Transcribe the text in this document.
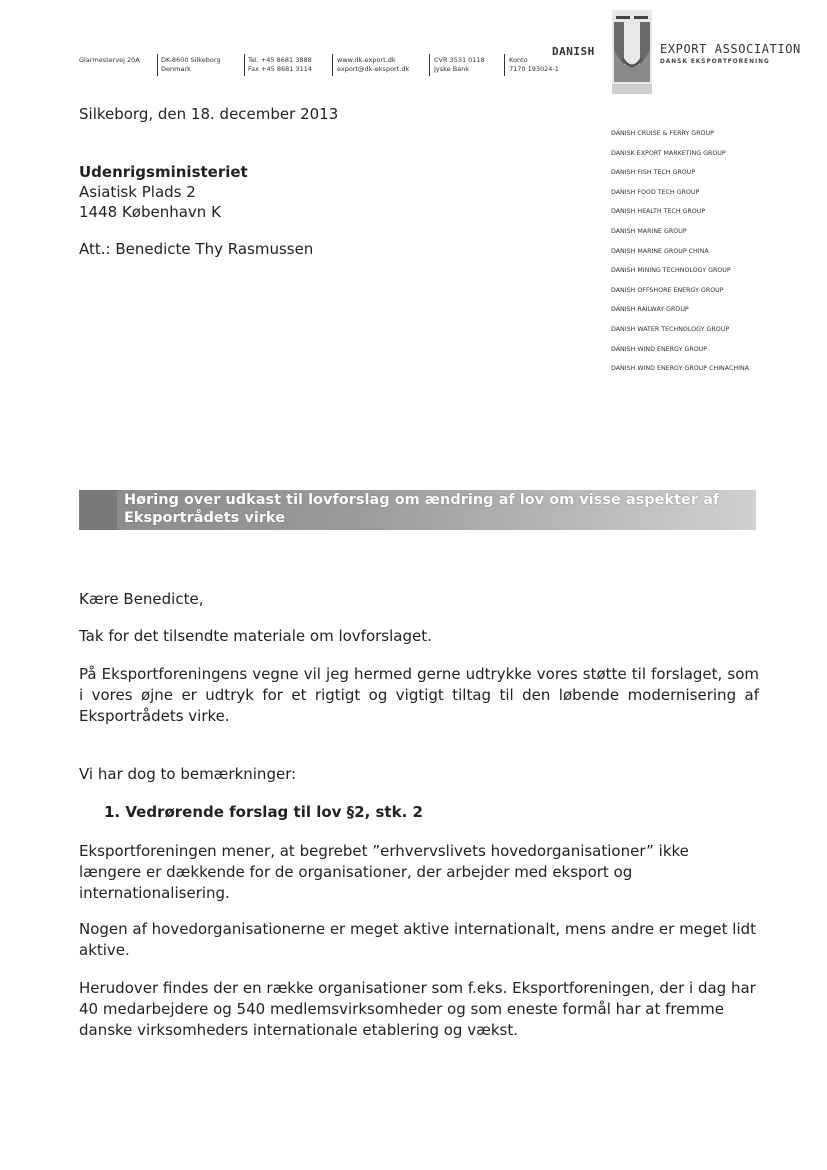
Glarmestervej 20A	DK-8600 Silkeborg
Denmark
Tel. +45 8681 3888
Fax +45 8681 3114
www.dk-export.dk
export@dk-eksport.dk
CVR 3531 0118
Jyske Bank
Konto
7170 193024-1
DANISH	EXPORT ASSOCIATION
DANSK EKSPORTFORENING
Silkeborg, den 18. december 2013
Udenrigsministeriet
Asiatisk Plads 2
1448 København K
Att.: Benedicte Thy Rasmussen
DANISH CRUISE & FERRY GROUP
DANISK EXPORT MARKETING GROUP
DANISH FISH TECH GROUP
DANISH FOOD TECH GROUP
DANISH HEALTH TECH GROUP
DANISH MARINE GROUP
DANISH MARINE GROUP CHINA
DANISH MINING TECHNOLOGY GROUP
DANISH OFFSHORE ENERGY GROUP
DANISH RAILWAY GROUP
DANISH WATER TECHNOLOGY GROUP
DANISH WIND ENERGY GROUP
DANISH WIND ENERGY GROUP CHINACHINA
Høring over udkast til lovforslag om ændring af lov om visse aspekter af
Eksportrådets virke
Kære Benedicte,
Tak for det tilsendte materiale om lovforslaget.
På Eksportforeningens vegne vil jeg hermed gerne udtrykke vores støtte til forslaget, som i vores øjne er udtryk for et rigtigt og vigtigt tiltag til den løbende modernisering af Eksportrådets virke.
Vi har dog to bemærkninger:
1. Vedrørende forslag til lov §2, stk. 2
Eksportforeningen mener, at begrebet ”erhvervslivets hovedorganisationer” ikke længere er dækkende for de organisationer, der arbejder med eksport og internationalisering.
Nogen af hovedorganisationerne er meget aktive internationalt, mens andre er meget lidt aktive.
Herudover findes der en række organisationer som f.eks. Eksportforeningen, der i dag har 40 medarbejdere og 540 medlemsvirksomheder og som eneste formål har at fremme danske virksomheders internationale etablering og vækst.
